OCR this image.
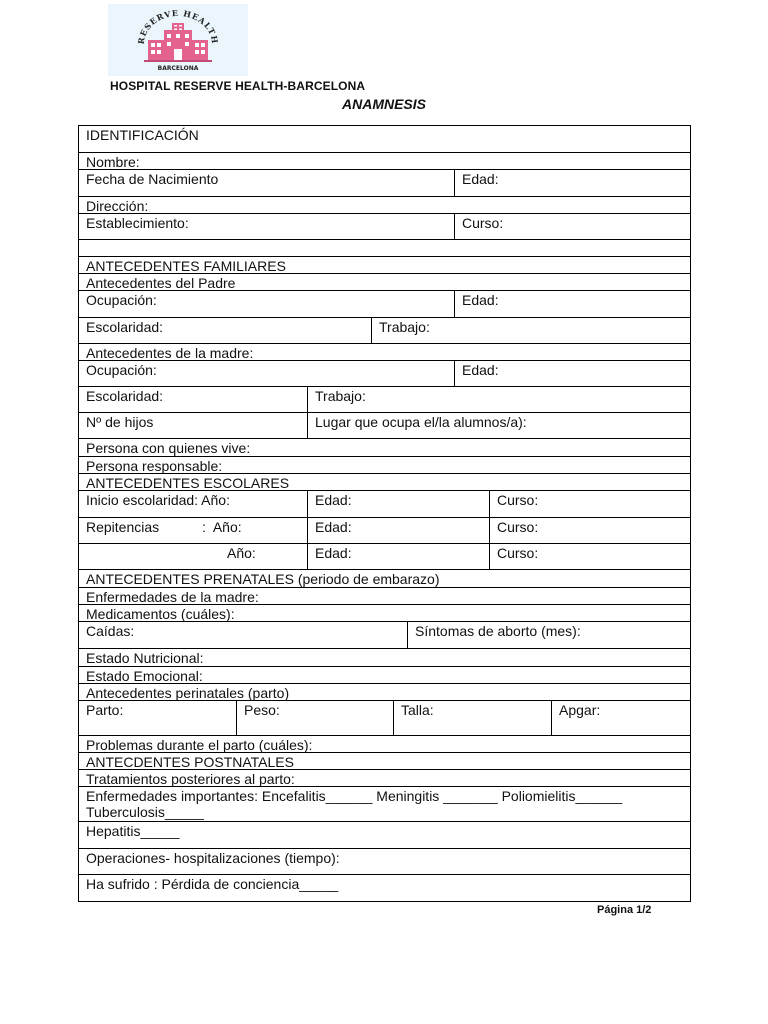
RESERVE HEALTH
BARCELONA
HOSPITAL RESERVE HEALTH-BARCELONA
ANAMNESIS
IDENTIFICACIÓN
Nombre:
Fecha de Nacimiento	Edad:
Dirección:
Establecimiento:	Curso:
ANTECEDENTES FAMILIARES
Antecedentes del Padre
Ocupación:	Edad:
Escolaridad:	Trabajo:
Antecedentes de la madre:
Ocupación:	Edad:
Escolaridad:	Trabajo:
Nº de hijos	Lugar que ocupa el/la alumnos/a):
Persona con quienes vive:
Persona responsable:
ANTECEDENTES ESCOLARES
Inicio escolaridad: Año:	Edad:	Curso:
Repitencias           :  Año:	Edad:	Curso:
Año:	Edad:	Curso:
ANTECEDENTES PRENATALES (periodo de embarazo)
Enfermedades de la madre:
Medicamentos (cuáles):
Caídas:	Síntomas de aborto (mes):
Estado Nutricional:
Estado Emocional:
Antecedentes perinatales (parto)
Parto:	Peso:	Talla:	Apgar:
Problemas durante el parto (cuáles):
ANTECDENTES POSTNATALES
Tratamientos posteriores al parto:
Enfermedades importantes: Encefalitis______ Meningitis _______ Poliomielitis______ Tuberculosis_____
Hepatitis_____
Operaciones- hospitalizaciones (tiempo):
Ha sufrido : Pérdida de conciencia_____
Página 1/2
